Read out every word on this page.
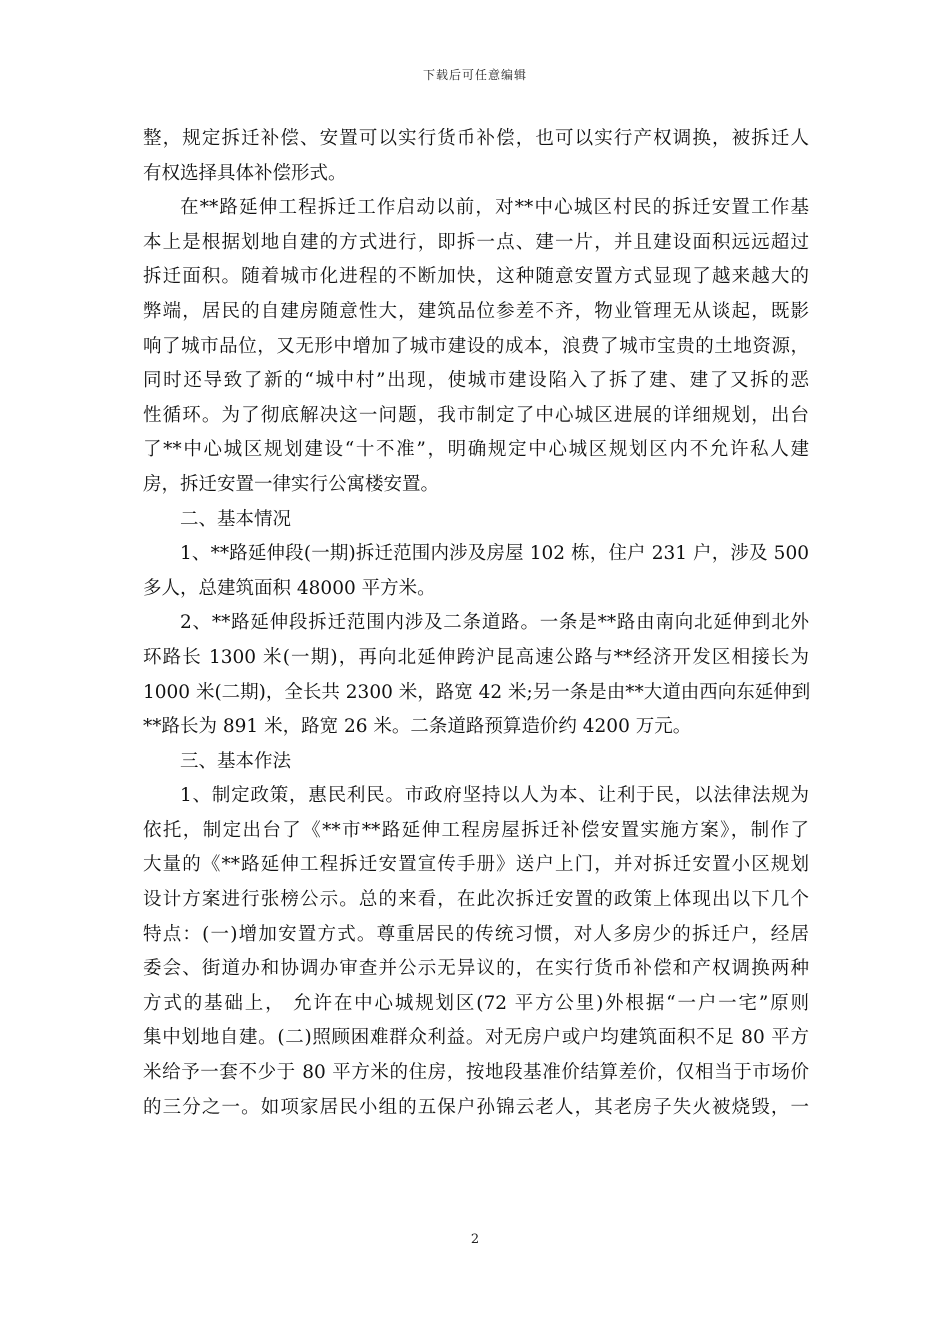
下载后可任意编辑

整，规定拆迁补偿、安置可以实行货币补偿，也可以实行产权调换，被拆迁人
有权选择具体补偿形式。

在**路延伸工程拆迁工作启动以前，对**中心城区村民的拆迁安置工作基
本上是根据划地自建的方式进行，即拆一点、建一片，并且建设面积远远超过
拆迁面积。随着城市化进程的不断加快，这种随意安置方式显现了越来越大的
弊端，居民的自建房随意性大，建筑品位参差不齐，物业管理无从谈起，既影
响了城市品位，又无形中增加了城市建设的成本，浪费了城市宝贵的土地资源，
同时还导致了新的“城中村”出现，使城市建设陷入了拆了建、建了又拆的恶
性循环。为了彻底解决这一问题，我市制定了中心城区进展的详细规划，出台
了**中心城区规划建设“十不准”，明确规定中心城区规划区内不允许私人建
房，拆迁安置一律实行公寓楼安置。

二、基本情况

1、**路延伸段(一期)拆迁范围内涉及房屋 102 栋，住户 231 户，涉及 500
多人，总建筑面积 48000 平方米。

2、**路延伸段拆迁范围内涉及二条道路。一条是**路由南向北延伸到北外
环路长 1300 米(一期)，再向北延伸跨沪昆高速公路与**经济开发区相接长为
1000 米(二期)，全长共 2300 米，路宽 42 米;另一条是由**大道由西向东延伸到
**路长为 891 米，路宽 26 米。二条道路预算造价约 4200 万元。

三、基本作法

1、制定政策，惠民利民。市政府坚持以人为本、让利于民，以法律法规为
依托，制定出台了《**市**路延伸工程房屋拆迁补偿安置实施方案》，制作了
大量的《**路延伸工程拆迁安置宣传手册》送户上门，并对拆迁安置小区规划
设计方案进行张榜公示。总的来看，在此次拆迁安置的政策上体现出以下几个
特点：(一)增加安置方式。尊重居民的传统习惯，对人多房少的拆迁户，经居
委会、街道办和协调办审查并公示无异议的，在实行货币补偿和产权调换两种
方式的基础上， 允许在中心城规划区(72 平方公里)外根据“一户一宅”原则
集中划地自建。(二)照顾困难群众利益。对无房户或户均建筑面积不足 80 平方
米给予一套不少于 80 平方米的住房，按地段基准价结算差价，仅相当于市场价
的三分之一。如项家居民小组的五保户孙锦云老人，其老房子失火被烧毁，一

2
